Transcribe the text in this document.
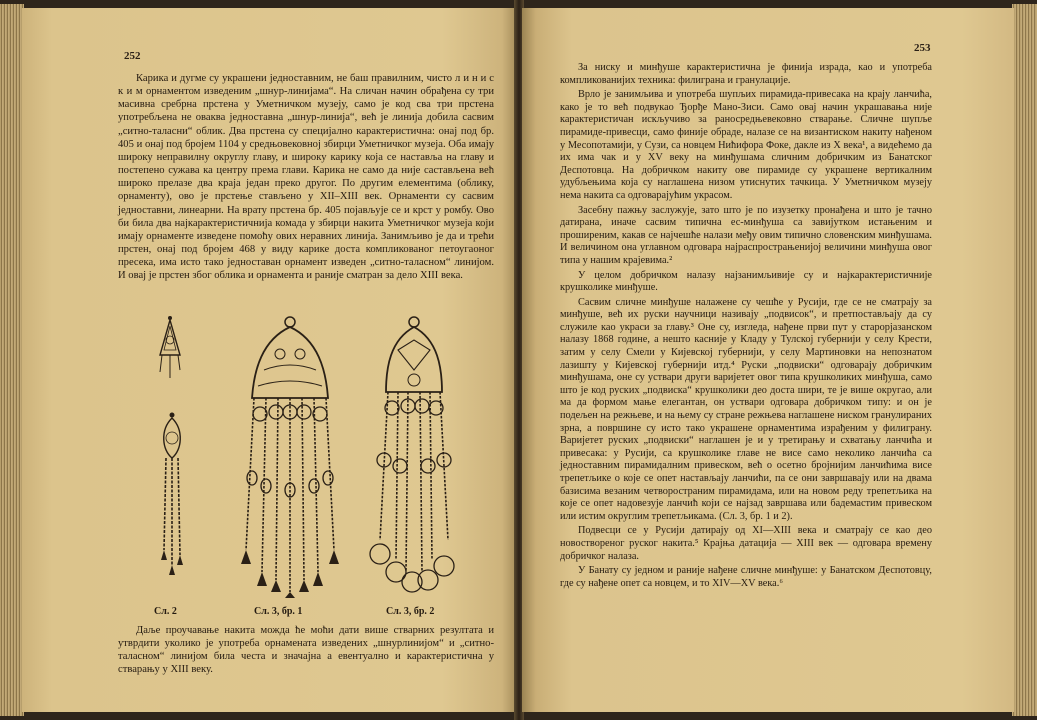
252

Карика и дугме су украшени једноставним, не баш правилним, чисто л и н и с к и м орнаментом изведеним „шнур-линијама“. На сличан начин обрађена су три масивна сребрна прстена у Уметничком музеју, само је код сва три прстена употребљена не оваква једноставна „шнур-линија“, већ је линија добила сасвим „ситно-таласни“ облик. Два прстена су специјално карактеристична: онај под бр. 405 и онај под бројем 1104 у средњовековној збирци Уметничког музеја. Оба имају широку неправилну округлу главу, и широку карику која се наставља на главу и постепено сужава ка центру према глави. Карика не само да није састављена већ широко прелазе два краја један преко другог. По другим елементима (облику, орнаменту), ово је прстење стављено у XII–XIII век. Орнаменти су сасвим једноставни, линеарни. На врату прстена бр. 405 појављује се и крст у ромбу. Ово би била два најкарактеристичнија комада у збирци накита Уметничког музеја који имају орнаменте изведене помоћу ових неравних линија. Занимљиво је да и трећи прстен, онај под бројем 468 у виду карике доста компликованог петоугаоног пресека, има исто тако једноставан орнамент изведен „ситно-таласном“ линијом. И овај је прстен због облика и орнамента и раније сматран за дело XIII века.

Сл. 2	Сл. 3, бр. 1	Сл. 3, бр. 2

Даље проучавање накита можда ће моћи дати више стварних резултата и утврдити уколико је употреба орнамената изведених „шнурлинијом“ и „ситно-таласном“ линијом била честа и значајна а евентуално и карактеристична у стварању у XIII веку.

253

За ниску и минђуше карактеристична је финија израда, као и употреба компликованијих техника: филиграна и гранулације.

Врло је занимљива и употреба шупљих пирамида-привесака на крају ланчића, како је то већ подвукао Ђорђе Мано-Зиси. Само овај начин украшавања није карактеристичан искључиво за раносредњевековно стварање. Сличне шупље пирамиде-привесци, само финије обраде, налазе се на византиском накиту нађеном у Месопотамији, у Сузи, са новцем Нићифора Фоке, дакле из X века¹, а видећемо да их има чак и у XV веку на минђушама сличним добричким из Банатског Деспотовца. На добричком накиту ове пирамиде су украшене вертикалним удубљењима која су наглашена низом утиснутих тачкица. У Уметничком музеју нема накита са одговарајућим украсом.

Засебну пажњу заслужује, зато што је по изузетку пронађена и што је тачно датирана, иначе сасвим типична ес-минђуша са завијутком истањеним и проширеним, какав се најчешће налази међу овим типично словенским минђушама. И величином она углавном одговара најраспрострањенијој величини минђуша овог типа у нашим крајевима.²

У целом добричком налазу најзанимљивије су и најкарактеристичније крушколике минђуше.

Сасвим сличне минђуше налажене су чешће у Русији, где се не сматрају за минђуше, већ их руски научници називају „подвисок“, и претпостављају да су служиле као украси за главу.³ Оне су, изгледа, нађене први пут у старорјазанском налазу 1868 године, а нешто касније у Кладу у Тулској губернији у селу Крести, затим у селу Смели у Кијевској губернији, у селу Мартиновки на непознатом лазишту у Кијевској губернији итд.⁴ Руски „подвиски“ одговарају добричким минђушама, оне су уствари други варијетет овог типа крушколиких минђуша, само што је код руских „подвиска“ крушколики део доста шири, те је више округао, али ма да формом мање елегантан, он уствари одговара добричком типу: и он је подељен на режњеве, и на њему су стране режњева наглашене ниском гранулираних зрна, а површине су исто тако украшене орнаментима израђеним у филиграну. Варијетет руских „подвиски“ наглашен је и у третирању и схватању ланчића и привесака: у Русији, са крушколике главе не висе само неколико ланчића са једноставним пирамидалним привеском, већ о осетно бројнијим ланчићима висе трепетљике о које се опет настављају ланчићи, па се они завршавају или на двама базисима везаним четвоространим пирамидама, или на новом реду трепетљика на које се опет надовезује ланчић који се најзад завршава или бадемастим привеском или истим округлим трепетљикама. (Сл. 3, бр. 1 и 2).

Подвесци се у Русији датирају од XI—XIII века и сматрају се као део новоствореног руског накита.⁵ Крајња датација — XIII век — одговара времену добричког налаза.

У Банату су једном и раније нађене сличне минђуше: у Банатском Деспотовцу, где су нађене опет са новцем, и то XIV—XV века.⁶
